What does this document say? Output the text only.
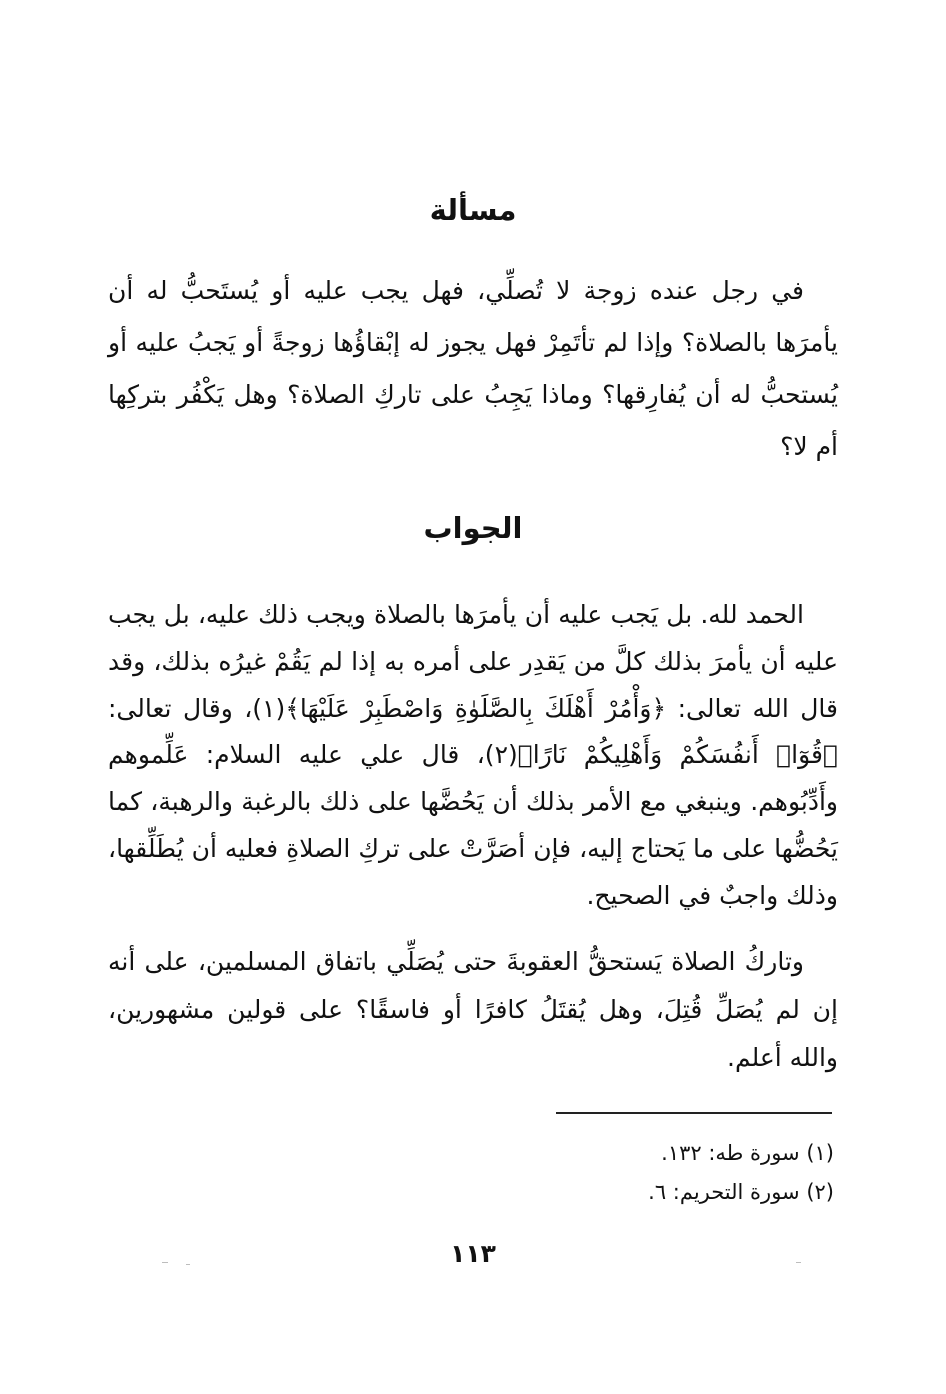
مسألة
في رجل عنده زوجة لا تُصلِّي، فهل يجب عليه أو يُستَحبُّ له أن يأمرَها بالصلاة؟ وإذا لم تأتَمِرْ فهل يجوز له إبْقاؤُها زوجةً أو يَجبُ عليه أو يُستحبُّ له أن يُفارِقها؟ وماذا يَجِبُ على تاركِ الصلاة؟ وهل يَكْفُر بتركِها أم لا؟
الجواب
الحمد لله. بل يَجب عليه أن يأمرَها بالصلاة ويجب ذلك عليه، بل يجب عليه أن يأمرَ بذلك كلَّ من يَقدِر على أمره به إذا لم يَقُمْ غيرُه بذلك، وقد قال الله تعالى: ﴿وَأْمُرْ أَهْلَكَ بِالصَّلَوٰةِ وَاصْطَبِرْ عَلَيْهَا﴾(١)، وقال تعالى: ﴿قُوٓا۟ أَنفُسَكُمْ وَأَهْلِيكُمْ نَارًا﴾(٢)، قال علي عليه السلام: عَلِّموهم وأَدِّبُوهم. وينبغي مع الأمر بذلك أن يَحُضَّها على ذلك بالرغبة والرهبة، كما يَحُضُّها على ما يَحتاج إليه، فإن أصَرَّتْ على تركِ الصلاةِ فعليه أن يُطَلِّقها، وذلك واجبٌ في الصحيح.
وتاركُ الصلاة يَستحقُّ العقوبةَ حتى يُصَلِّي باتفاق المسلمين، على أنه إن لم يُصَلِّ قُتِلَ، وهل يُقتَلُ كافرًا أو فاسقًا؟ على قولين مشهورين، والله أعلم.
(١) سورة طه: ١٣٢.
(٢) سورة التحريم: ٦.
١١٣
